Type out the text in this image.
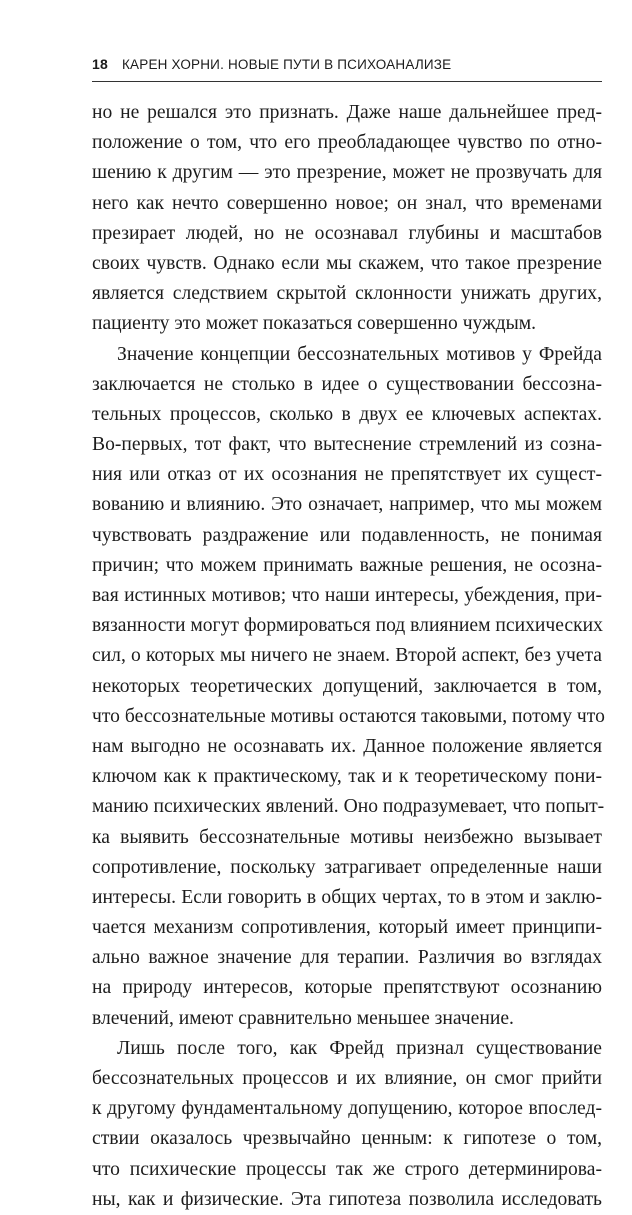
18 КАРЕН ХОРНИ. НОВЫЕ ПУТИ В ПСИХОАНАЛИЗЕ
но не решался это признать. Даже наше дальнейшее пред-
положение о том, что его преобладающее чувство по отно-
шению к другим — это презрение, может не прозвучать для
него как нечто совершенно новое; он знал, что временами
презирает людей, но не осознавал глубины и масштабов
своих чувств. Однако если мы скажем, что такое презрение
является следствием скрытой склонности унижать других,
пациенту это может показаться совершенно чуждым.
Значение концепции бессознательных мотивов у Фрейда
заключается не столько в идее о существовании бессозна-
тельных процессов, сколько в двух ее ключевых аспектах.
Во-первых, тот факт, что вытеснение стремлений из созна-
ния или отказ от их осознания не препятствует их сущест-
вованию и влиянию. Это означает, например, что мы можем
чувствовать раздражение или подавленность, не понимая
причин; что можем принимать важные решения, не осозна-
вая истинных мотивов; что наши интересы, убеждения, при-
вязанности могут формироваться под влиянием психических
сил, о которых мы ничего не знаем. Второй аспект, без учета
некоторых теоретических допущений, заключается в том,
что бессознательные мотивы остаются таковыми, потому что
нам выгодно не осознавать их. Данное положение является
ключом как к практическому, так и к теоретическому пони-
манию психических явлений. Оно подразумевает, что попыт-
ка выявить бессознательные мотивы неизбежно вызывает
сопротивление, поскольку затрагивает определенные наши
интересы. Если говорить в общих чертах, то в этом и заклю-
чается механизм сопротивления, который имеет принципи-
ально важное значение для терапии. Различия во взглядах
на природу интересов, которые препятствуют осознанию
влечений, имеют сравнительно меньшее значение.
Лишь после того, как Фрейд признал существование
бессознательных процессов и их влияние, он смог прийти
к другому фундаментальному допущению, которое впослед-
ствии оказалось чрезвычайно ценным: к гипотезе о том,
что психические процессы так же строго детерминирова-
ны, как и физические. Эта гипотеза позволила исследовать
